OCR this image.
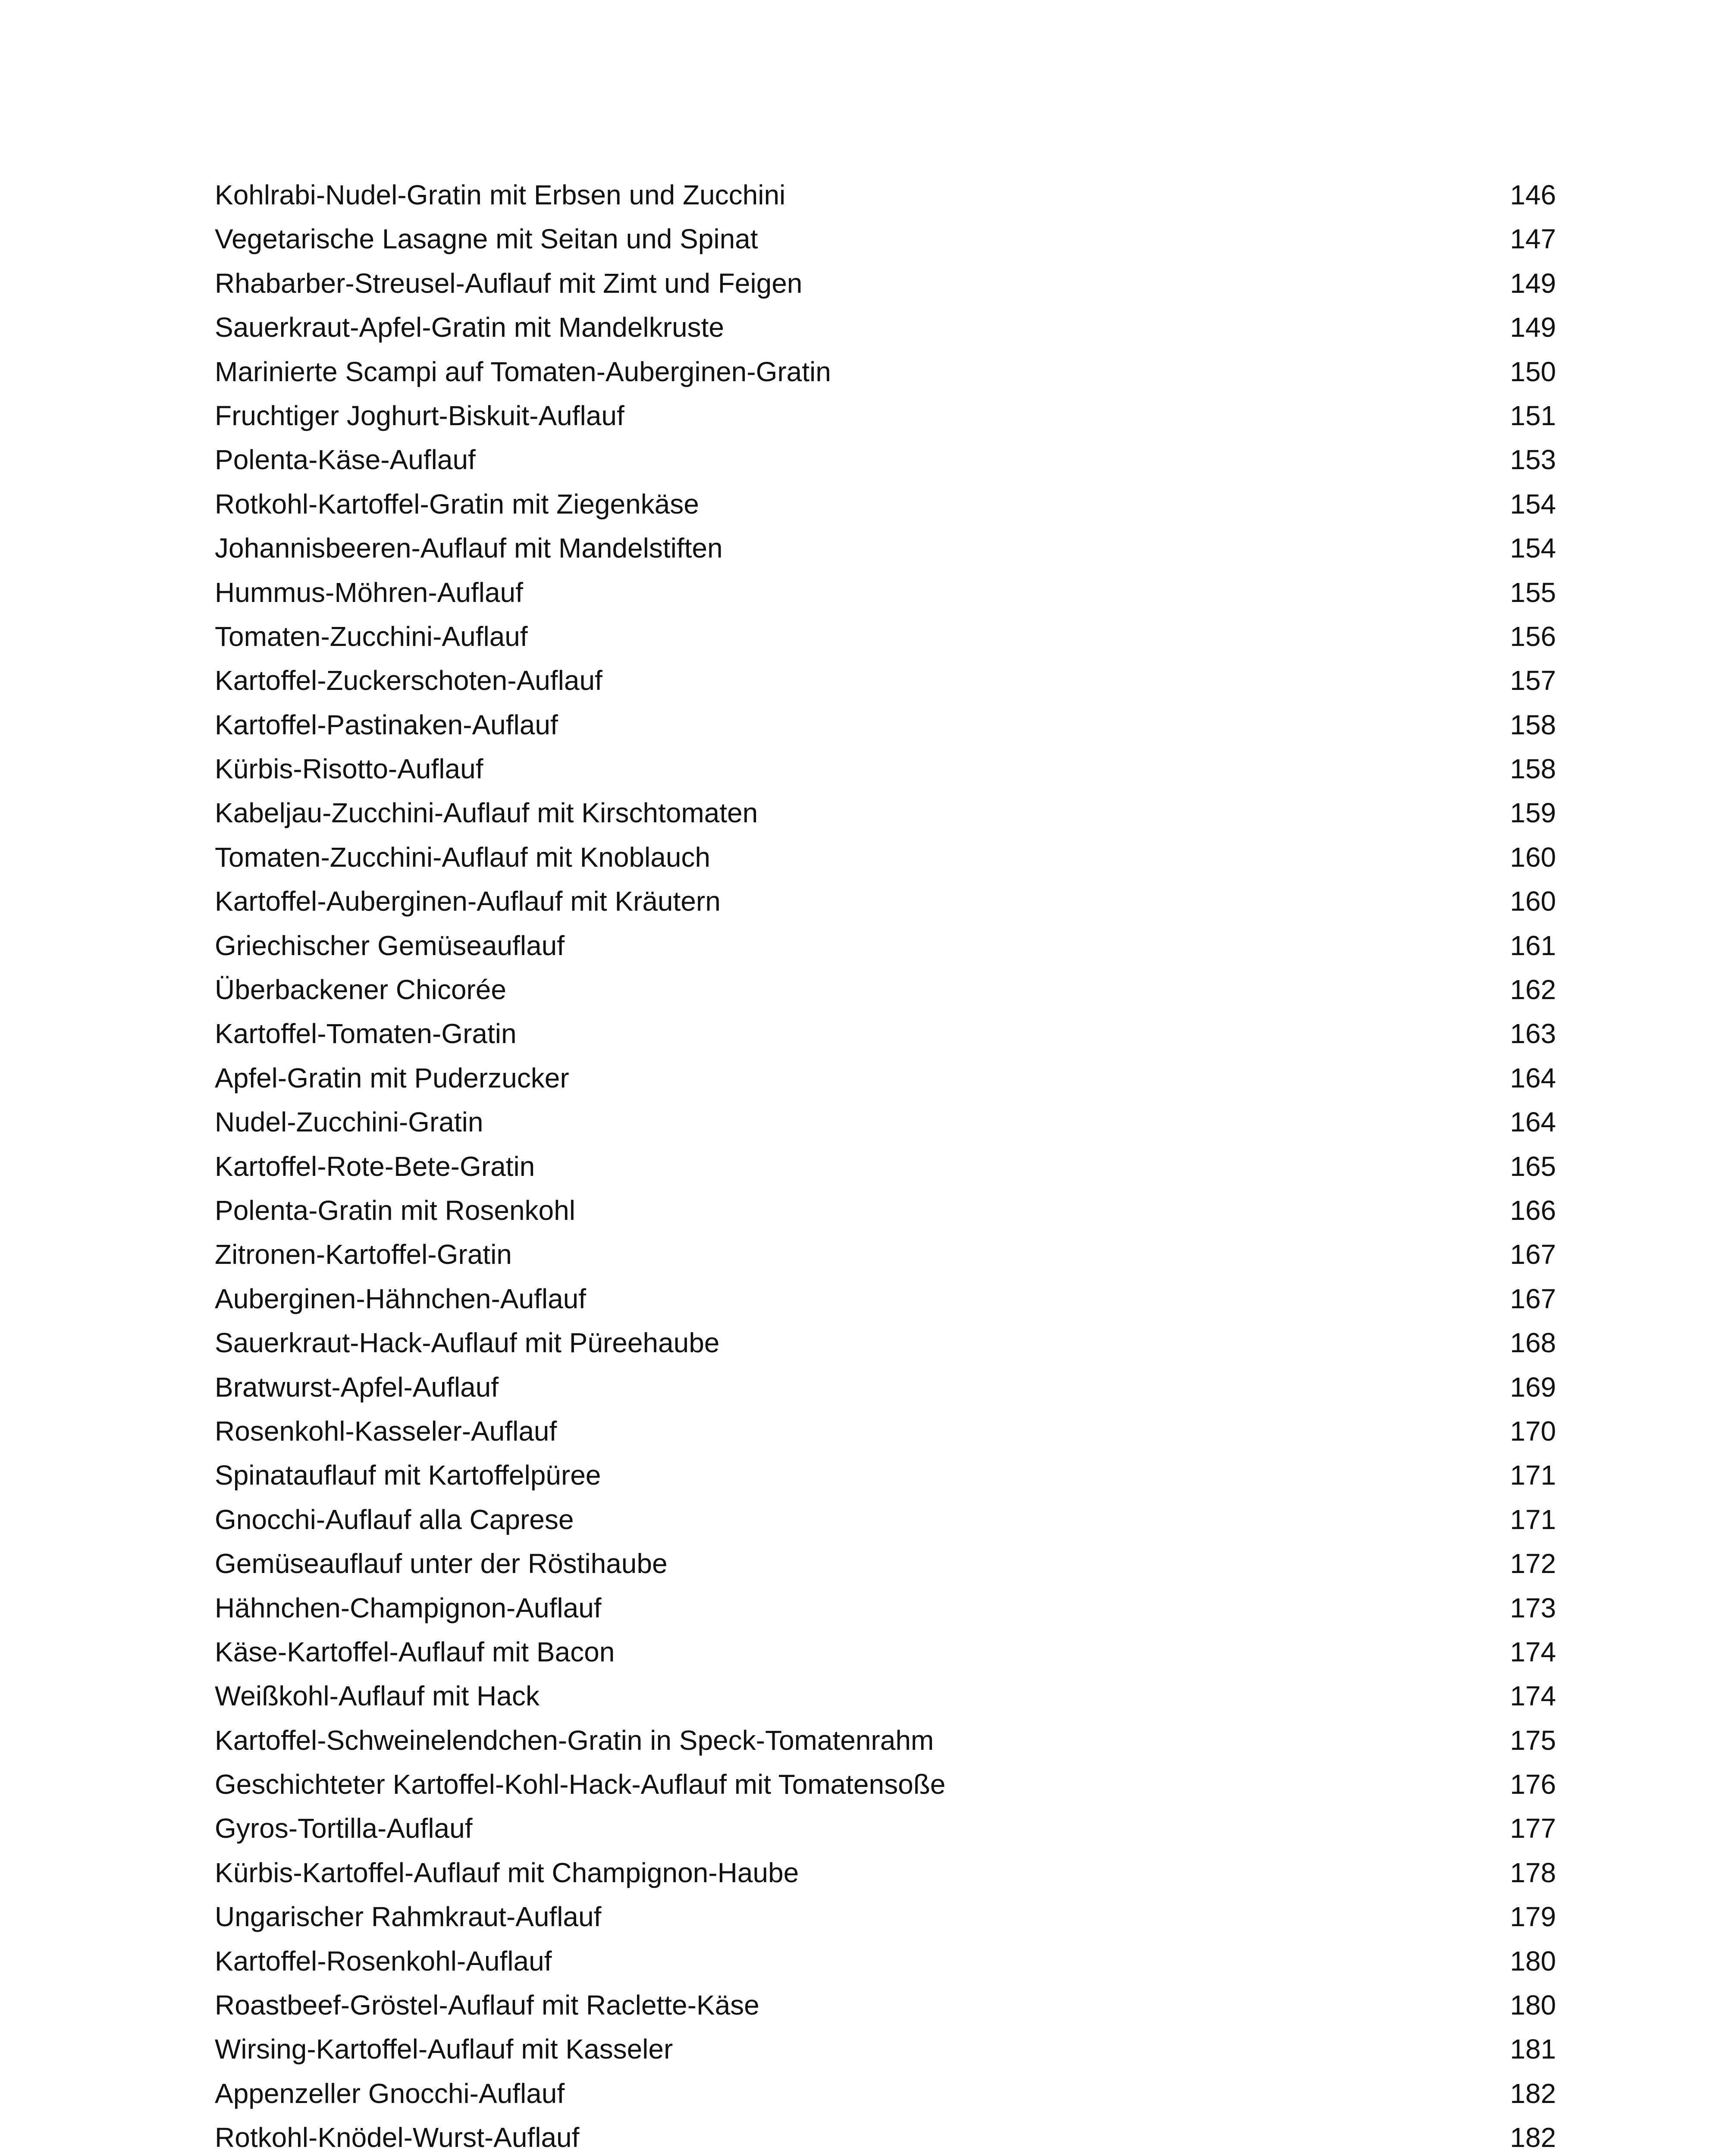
Kohlrabi-Nudel-Gratin mit Erbsen und Zucchini	146
Vegetarische Lasagne mit Seitan und Spinat	147
Rhabarber-Streusel-Auflauf mit Zimt und Feigen	149
Sauerkraut-Apfel-Gratin mit Mandelkruste	149
Marinierte Scampi auf Tomaten-Auberginen-Gratin	150
Fruchtiger Joghurt-Biskuit-Auflauf	151
Polenta-Käse-Auflauf	153
Rotkohl-Kartoffel-Gratin mit Ziegenkäse	154
Johannisbeeren-Auflauf mit Mandelstiften	154
Hummus-Möhren-Auflauf	155
Tomaten-Zucchini-Auflauf	156
Kartoffel-Zuckerschoten-Auflauf	157
Kartoffel-Pastinaken-Auflauf	158
Kürbis-Risotto-Auflauf	158
Kabeljau-Zucchini-Auflauf mit Kirschtomaten	159
Tomaten-Zucchini-Auflauf mit Knoblauch	160
Kartoffel-Auberginen-Auflauf mit Kräutern	160
Griechischer Gemüseauflauf	161
Überbackener Chicorée	162
Kartoffel-Tomaten-Gratin	163
Apfel-Gratin mit Puderzucker	164
Nudel-Zucchini-Gratin	164
Kartoffel-Rote-Bete-Gratin	165
Polenta-Gratin mit Rosenkohl	166
Zitronen-Kartoffel-Gratin	167
Auberginen-Hähnchen-Auflauf	167
Sauerkraut-Hack-Auflauf mit Püreehaube	168
Bratwurst-Apfel-Auflauf	169
Rosenkohl-Kasseler-Auflauf	170
Spinatauflauf mit Kartoffelpüree	171
Gnocchi-Auflauf alla Caprese	171
Gemüseauflauf unter der Röstihaube	172
Hähnchen-Champignon-Auflauf	173
Käse-Kartoffel-Auflauf mit Bacon	174
Weißkohl-Auflauf mit Hack	174
Kartoffel-Schweinelendchen-Gratin in Speck-Tomatenrahm	175
Geschichteter Kartoffel-Kohl-Hack-Auflauf mit Tomatensoße	176
Gyros-Tortilla-Auflauf	177
Kürbis-Kartoffel-Auflauf mit Champignon-Haube	178
Ungarischer Rahmkraut-Auflauf	179
Kartoffel-Rosenkohl-Auflauf	180
Roastbeef-Gröstel-Auflauf mit Raclette-Käse	180
Wirsing-Kartoffel-Auflauf mit Kasseler	181
Appenzeller Gnocchi-Auflauf	182
Rotkohl-Knödel-Wurst-Auflauf	182
